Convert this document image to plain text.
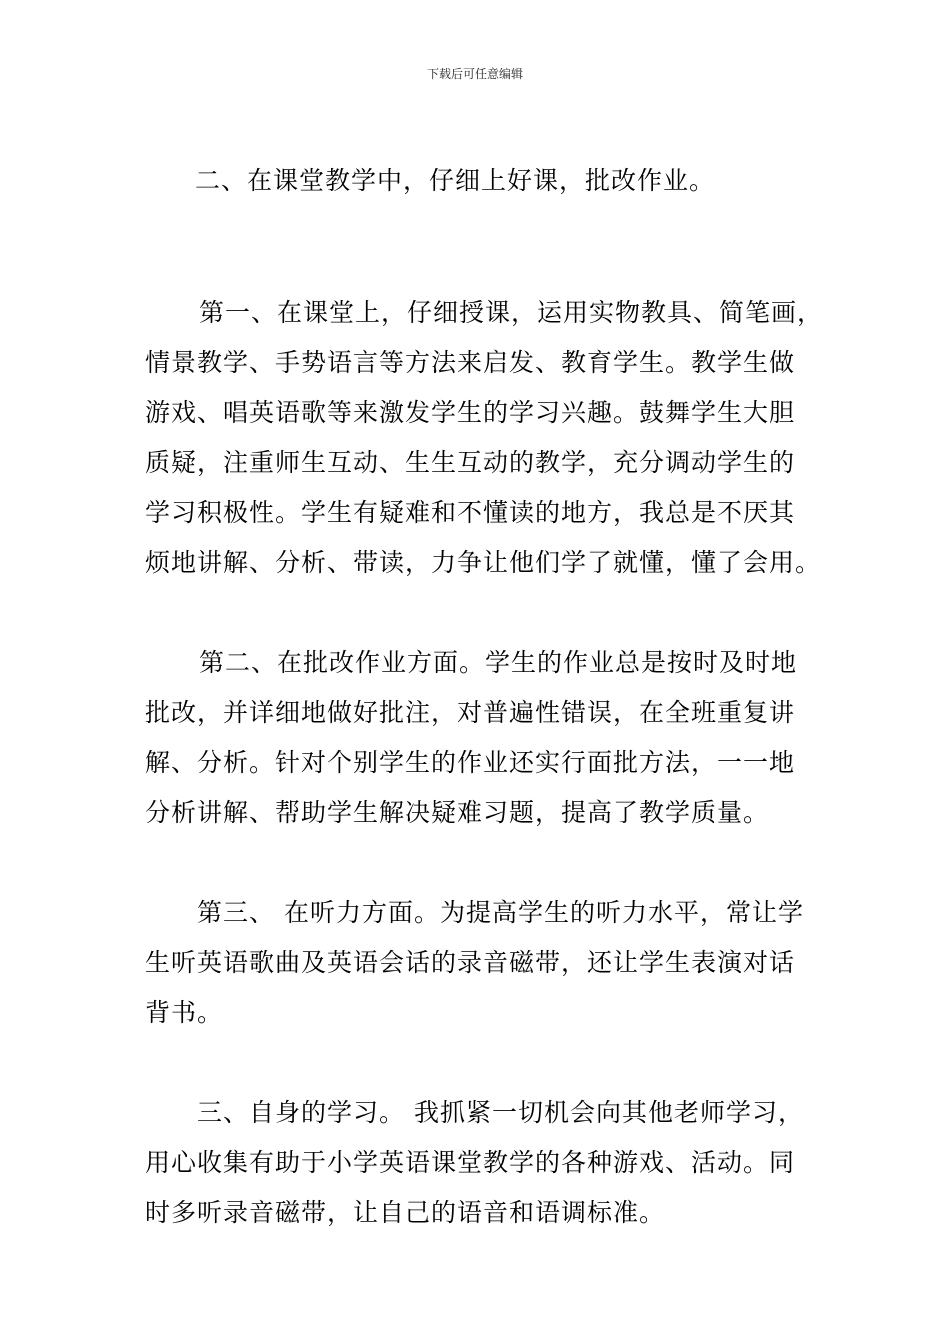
下载后可任意编辑

二、在课堂教学中，仔细上好课，批改作业。

第一、在课堂上，仔细授课，运用实物教具、简笔画，
情景教学、手势语言等方法来启发、教育学生。教学生做
游戏、唱英语歌等来激发学生的学习兴趣。鼓舞学生大胆
质疑，注重师生互动、生生互动的教学，充分调动学生的
学习积极性。学生有疑难和不懂读的地方，我总是不厌其
烦地讲解、分析、带读，力争让他们学了就懂，懂了会用。

第二、在批改作业方面。学生的作业总是按时及时地
批改，并详细地做好批注，对普遍性错误，在全班重复讲
解、分析。针对个别学生的作业还实行面批方法，一一地
分析讲解、帮助学生解决疑难习题，提高了教学质量。

第三、 在听力方面。为提高学生的听力水平，常让学
生听英语歌曲及英语会话的录音磁带，还让学生表演对话
背书。

三、自身的学习。 我抓紧一切机会向其他老师学习，
用心收集有助于小学英语课堂教学的各种游戏、活动。同
时多听录音磁带，让自己的语音和语调标准。
